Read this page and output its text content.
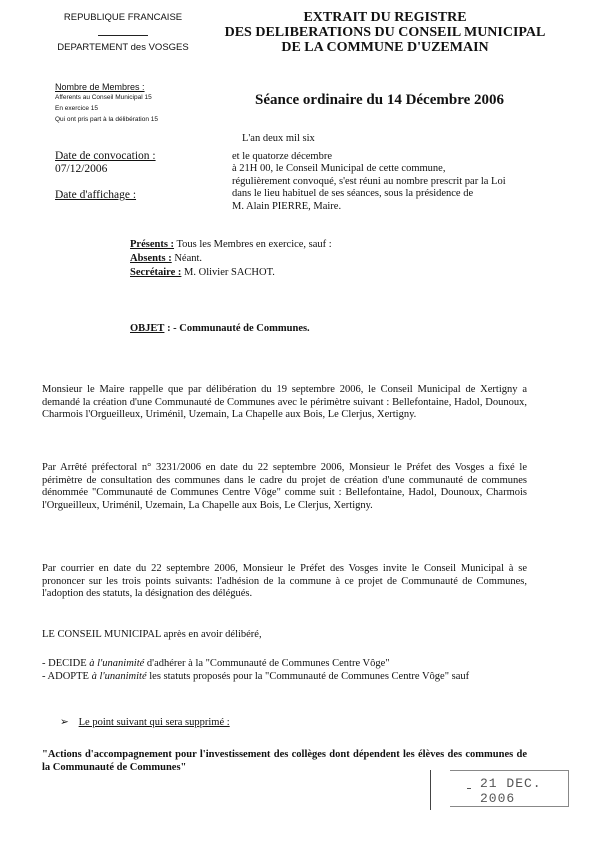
REPUBLIQUE FRANCAISE
DEPARTEMENT des VOSGES
EXTRAIT DU REGISTRE
DES DELIBERATIONS DU CONSEIL MUNICIPAL
DE LA COMMUNE D'UZEMAIN
Nombre de Membres :
Afferents au Conseil Municipal 15
En exercice 15
Qui ont pris part à la délibération 15
Séance ordinaire du 14 Décembre 2006
Date de convocation :
07/12/2006
Date d'affichage :
L'an deux mil six
et le quatorze décembre
à 21H 00, le Conseil Municipal de cette commune,
régulièrement convoqué, s'est réuni au nombre prescrit par la Loi
dans le lieu habituel de ses séances, sous la présidence de
M. Alain PIERRE, Maire.
Présents : Tous les Membres en exercice, sauf :
Absents : Néant.
Secrétaire : M. Olivier SACHOT.
OBJET : - Communauté de Communes.
Monsieur le Maire rappelle que par délibération du 19 septembre 2006, le Conseil Municipal de Xertigny a demandé la création d'une Communauté de Communes avec le périmètre suivant : Bellefontaine, Hadol, Dounoux, Charmois l'Orgueilleux, Uriménil, Uzemain, La Chapelle aux Bois, Le Clerjus, Xertigny.
Par Arrêté préfectoral n° 3231/2006 en date du 22 septembre 2006, Monsieur le Préfet des Vosges a fixé le périmètre de consultation des communes dans le cadre du projet de création d'une communauté de communes dénommée "Communauté de Communes Centre Vôge" comme suit : Bellefontaine, Hadol, Dounoux, Charmois l'Orgueilleux, Uriménil, Uzemain, La Chapelle aux Bois, Le Clerjus, Xertigny.
Par courrier en date du 22 septembre 2006, Monsieur le Préfet des Vosges invite le Conseil Municipal à se prononcer sur les trois points suivants: l'adhésion de la commune à ce projet de Communauté de Communes, l'adoption des statuts, la désignation des délégués.
LE CONSEIL MUNICIPAL après en avoir délibéré,
- DECIDE à l'unanimité d'adhérer à la "Communauté de Communes Centre Vôge"
- ADOPTE à l'unanimité les statuts proposés pour la "Communauté de Communes Centre Vôge" sauf
➢ Le point suivant qui sera supprimé :
"Actions d'accompagnement pour l'investissement des collèges dont dépendent les élèves des communes de la Communauté de Communes"
21 DEC. 2006
